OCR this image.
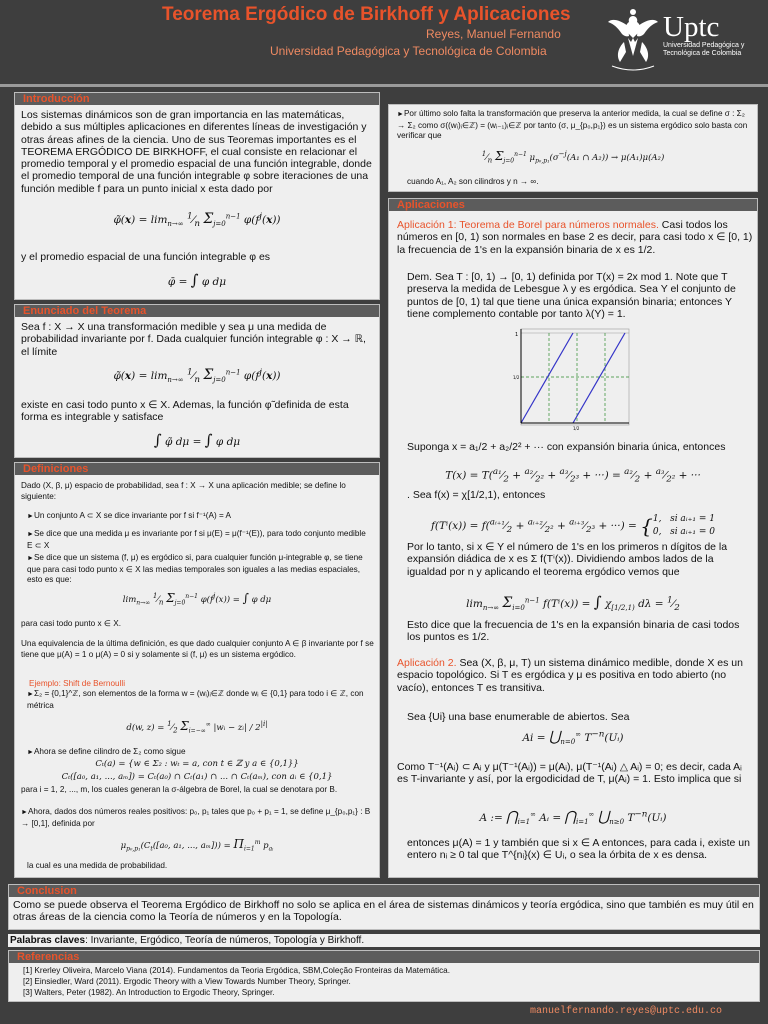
Teorema Ergódico de Birkhoff y Aplicaciones
Reyes, Manuel Fernando
Universidad Pedagógica y Tecnológica de Colombia
Uptc
Universidad Pedagógica y
Tecnológica de Colombia
Introducción

Los sistemas dinámicos son de gran importancia en las matemáticas, debido a sus múltiples aplicaciones en diferentes líneas de investigación y otras áreas afines de la ciencia. Uno de sus Teoremas importantes es el TEOREMA ERGÓDICO DE BIRKHOFF, el cual consiste en relacionar el promedio temporal y el promedio espacial de una función integrable, donde el promedio temporal de una función integrable φ sobre iteraciones de una función medible f para un punto inicial x esta dado por

φ̃(x) = $\lim_{n\to\infty}$ $^1⁄_n$ $\Sigma_{j=0}^{n-1}$ $\varphi(f^j(x))$

y el promedio espacial de una función integrable φ es

φ̄ = ∫ φ dμ
Enunciado del Teorema

Sea f : X → X una transformación medible y sea μ una medida de probabilidad invariante por f. Dada cualquier función integrable φ : X → ℝ, el límite

φ̃(x) = $\lim_{n\to\infty}$ $^1⁄_n$ $\Sigma_{j=0}^{n-1}$ $\varphi(f^j(x))$

existe en casi todo punto x ∈ X. Ademas, la función φ̃ definida de esta forma es integrable y satisface

∫ φ̃ dμ = ∫ φ dμ
Definiciones

Dado (X, β, μ) espacio de probabilidad, sea f : X → X una aplicación medible; se define lo siguiente:

► Un conjunto A ⊂ X se dice invariante por f si f⁻¹(A) = A

► Se dice que una medida μ es invariante por f si μ(E) = μ(f⁻¹(E)), para todo conjunto medible E ⊂ X

► Se dice que un sistema (f, μ) es ergódico si, para cualquier función μ-integrable φ, se tiene que para casi todo punto x ∈ X las medias temporales son iguales a las medias espaciales, esto es que:

$\lim_{n\to\infty}$ $^1⁄_n$ $\Sigma_{j=0}^{n-1}$ $\varphi(f^j(x))$ = ∫ φ dμ

para casi todo punto x ∈ X.

Una equivalencia de la última definición, es que dado cualquier conjunto A ∈ β invariante por f se tiene que μ(A) = 1 o μ(A) = 0 si y solamente si (f, μ) es un sistema ergódico.

Ejemplo: Shift de Bernoulli

► Σ₂ = {0,1}^ℤ, son elementos de la forma w = (wᵢ)ᵢ∈ℤ donde wᵢ ∈ {0,1} para todo i ∈ ℤ, con métrica

d(w, $z) = ^1⁄_2$ $\Sigma_{i=-\infty}^\infty$ |wᵢ − zᵢ| / $2^{|i|}$

► Ahora se define cilindro de Σ₂ como sigue

Cₜ(a) = {w ∈ Σ₂ : wₜ = a, con t ∈ ℤ y a ∈ {0,1}}
Cₜ([a₀, a₁, ..., aₘ]) = Cₜ(a₀) ∩ Cₜ(a₁) ∩ ... ∩ Cₜ(aₘ), con aᵢ ∈ {0,1}

para i = 1, 2, ..., m, los cuales generan la σ-álgebra de Borel, la cual se denotara por B.

► Ahora, dados dos números reales positivos: p₀, p₁ tales que p₀ + p₁ = 1, se define μ_{p₀,p₁} : B → [0,1], definida por

$\mu_{p_0,p_1}(C_t([a_0$, a₁, ..., $a_m])) = \Pi_{i=1}^m$ $p_{aᵢ}$

la cual es una medida de probabilidad.

► Por último solo falta la transformación que preserva la anterior medida, la cual se define σ : Σ₂ → Σ₂ como σ((wᵢ)ᵢ∈ℤ) = (wᵢ₋₁)ᵢ∈ℤ por tanto (σ, μ_{p₀,p₁}) es un sistema ergódico solo basta con verificar que

$^1⁄_n$ $\Sigma_{j=0}^{n-1}$ $\mu_{p_0,p_1}(\sigma^{-j}(A_1$ ∩ A₂)) → μ(A₁)μ(A₂)

cuando A₁, A₂ son cilindros y n → ∞.

Aplicaciones

Aplicación 1: Teorema de Borel para números normales. Casi todos los números en [0, 1) son normales en base 2 es decir, para casi todo x ∈ [0, 1) la frecuencia de 1's en la expansión binaria de x es 1/2.

Dem. Sea T : [0, 1) → [0, 1) definida por T(x) = 2x mod 1. Note que T preserva la medida de Lebesgue λ y es ergódica. Sea Y el conjunto de puntos de [0, 1) tal que tiene una única expansión binaria; entonces Y tiene complemento contable por tanto λ(Y) = 1.

1
1/2
1/2

Suponga x = a₁/2 + a₂/2² + ··· con expansión binaria única, entonces

$T(x) = T(^{a_1}⁄_2$ + $^{a_2}⁄_{2^2}$ + $^{a_3}⁄_{2^3}$ + ···) = $^{a_2}⁄_2$ + $^{a_3}⁄_{2^2}$ + ···

. Sea f(x) = χ[1/2,1), entonces

$f(T^i(x)) = f(^{aᵢ_{+1}}⁄_2$ + $^{aᵢ_{+2}}⁄_{2^2}$ + $^{aᵢ_{+3}}⁄_{2^3}$ + ···) = {1,   si aᵢ₊₁ = 1
0,   si aᵢ₊₁ = 0

Por lo tanto, si x ∈ Y el número de 1's en los primeros n dígitos de la expansión diádica de x es Σ f(Tⁱ(x)). Dividiendo ambos lados de la igualdad por n y aplicando el teorema ergódico vemos que

$\lim_{n\to\infty} \Sigma_{i=0}^{n-1}$ f(Tⁱ(x)) = ∫ $\chi_{[1/2,1)}$ $d\lambda = ^1⁄_2$

Esto dice que la frecuencia de 1's en la expansión binaria de casi todos los puntos es 1/2.

Aplicación 2. Sea (X, β, μ, T) un sistema dinámico medible, donde X es un espacio topológico. Si T es ergódica y μ es positiva en todo abierto (no vacío), entonces T es transitiva.

Sea {Ui} una base enumerable de abiertos. Sea

$Ai = ⋃_{n=0}^\infty$ $T^{-n}(Uᵢ)$

Como T⁻¹(Aᵢ) ⊂ Aᵢ y μ(T⁻¹(Aᵢ)) = μ(Aᵢ), μ(T⁻¹(Aᵢ) △ Aᵢ) = 0; es decir, cada Aᵢ es T-invariante y así, por la ergodicidad de T, μ(Aᵢ) = 1. Esto implica que si

A := $⋂_{i=1}^\infty$ Aᵢ = $⋂_{i=1}^\infty$ $⋃_{n\ge 0}$ $T^{-n}(Uᵢ)$

entonces μ(A) = 1 y también que si x ∈ A entonces, para cada i, existe un entero nᵢ ≥ 0 tal que T^{nᵢ}(x) ∈ Uᵢ, o sea la órbita de x es densa.

Conclusion

Como se puede observa el Teorema Ergódico de Birkhoff no solo se aplica en el área de sistemas dinámicos y teoría ergódica, sino que también es muy útil en otras áreas de la ciencia como la Teoría de números y en la Topología.

Palabras claves: Invariante, Ergódico, Teoría de números, Topología y Birkhoff.
Referencias

[1] Krerley Oliveira, Marcelo Viana (2014). Fundamentos da Teoria Ergódica, SBM,Coleção Fronteiras da Matemática.

[2] Einsiedler, Ward (2011). Ergodic Theory with a View Towards Number Theory, Springer.

[3] Walters, Peter (1982). An Introduction to Ergodic Theory, Springer.

manuelfernando.reyes@uptc.edu.co
